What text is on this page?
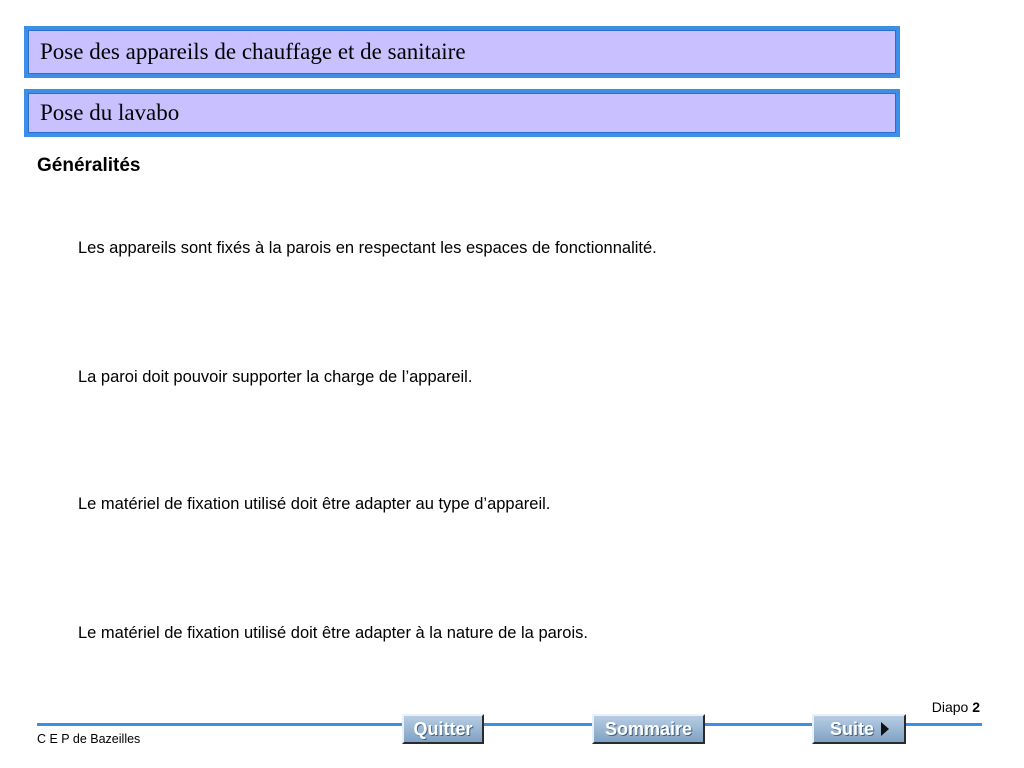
Pose des appareils de chauffage et de sanitaire
Pose du lavabo
Généralités
Les appareils sont fixés à la parois en respectant les espaces de fonctionnalité.
La paroi doit pouvoir supporter la charge de l’appareil.
Le matériel de fixation utilisé doit être adapter au type d’appareil.
Le matériel de fixation utilisé doit être adapter à la nature de la parois.
Diapo 2
Quitter	Sommaire	Suite
C E P de Bazeilles
